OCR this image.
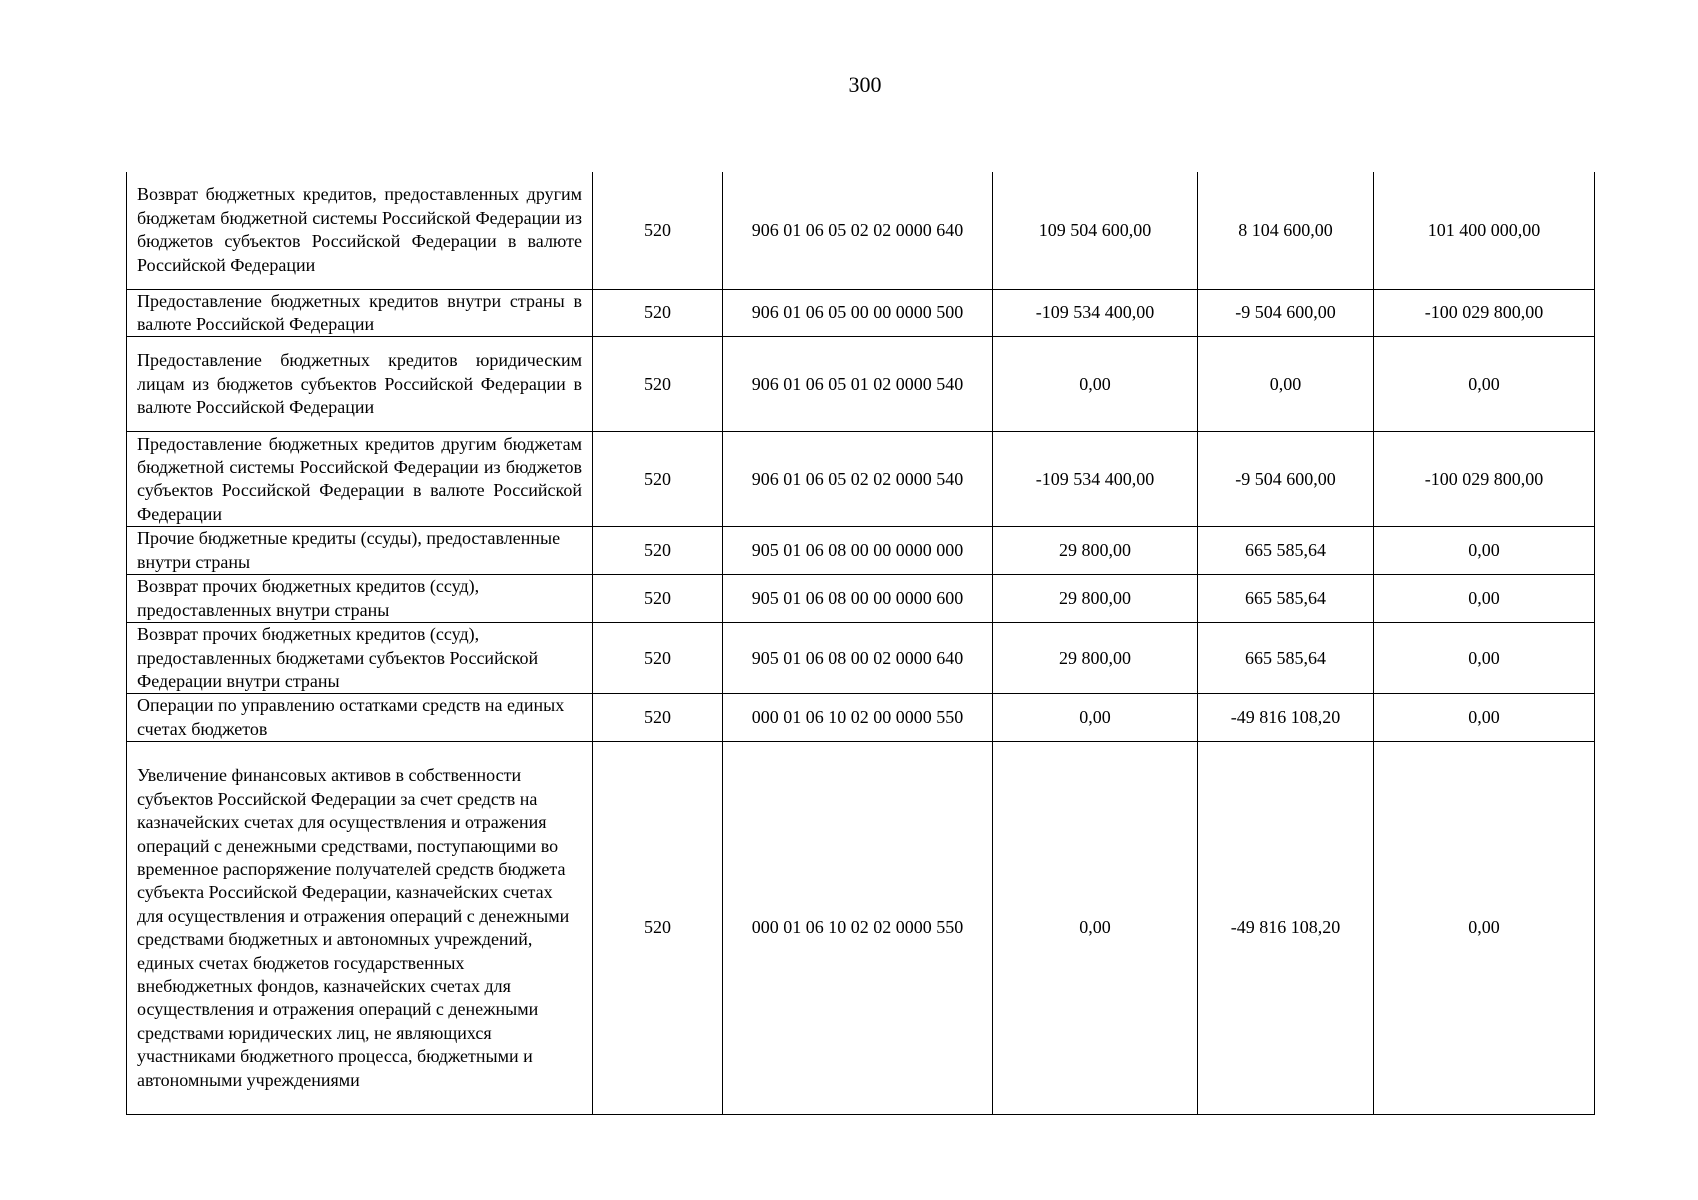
300
Возврат бюджетных кредитов, предоставленных другим бюджетам бюджетной системы Российской Федерации из бюджетов субъектов Российской Федерации в валюте Российской Федерации	520	906 01 06 05 02 02 0000 640	109 504 600,00	8 104 600,00	101 400 000,00
Предоставление бюджетных кредитов внутри страны в валюте Российской Федерации	520	906 01 06 05 00 00 0000 500	-109 534 400,00	-9 504 600,00	-100 029 800,00
Предоставление бюджетных кредитов юридическим лицам из бюджетов субъектов Российской Федерации в валюте Российской Федерации	520	906 01 06 05 01 02 0000 540	0,00	0,00	0,00
Предоставление бюджетных кредитов другим бюджетам бюджетной системы Российской Федерации из бюджетов субъектов Российской Федерации в валюте Российской Федерации	520	906 01 06 05 02 02 0000 540	-109 534 400,00	-9 504 600,00	-100 029 800,00
Прочие бюджетные кредиты (ссуды), предоставленные внутри страны	520	905 01 06 08 00 00 0000 000	29 800,00	665 585,64	0,00
Возврат прочих бюджетных кредитов (ссуд), предоставленных внутри страны	520	905 01 06 08 00 00 0000 600	29 800,00	665 585,64	0,00
Возврат прочих бюджетных кредитов (ссуд), предоставленных бюджетами субъектов Российской Федерации внутри страны	520	905 01 06 08 00 02 0000 640	29 800,00	665 585,64	0,00
Операции по управлению остатками средств на единых счетах бюджетов	520	000 01 06 10 02 00 0000 550	0,00	-49 816 108,20	0,00
Увеличение финансовых активов в собственности субъектов Российской Федерации за счет средств на казначейских счетах для осуществления и отражения операций с денежными средствами, поступающими во временное распоряжение получателей средств бюджета субъекта Российской Федерации, казначейских счетах для осуществления и отражения операций с денежными средствами бюджетных и автономных учреждений, единых счетах бюджетов государственных внебюджетных фондов, казначейских счетах для осуществления и отражения операций с денежными средствами юридических лиц, не являющихся участниками бюджетного процесса, бюджетными и автономными учреждениями	520	000 01 06 10 02 02 0000 550	0,00	-49 816 108,20	0,00
